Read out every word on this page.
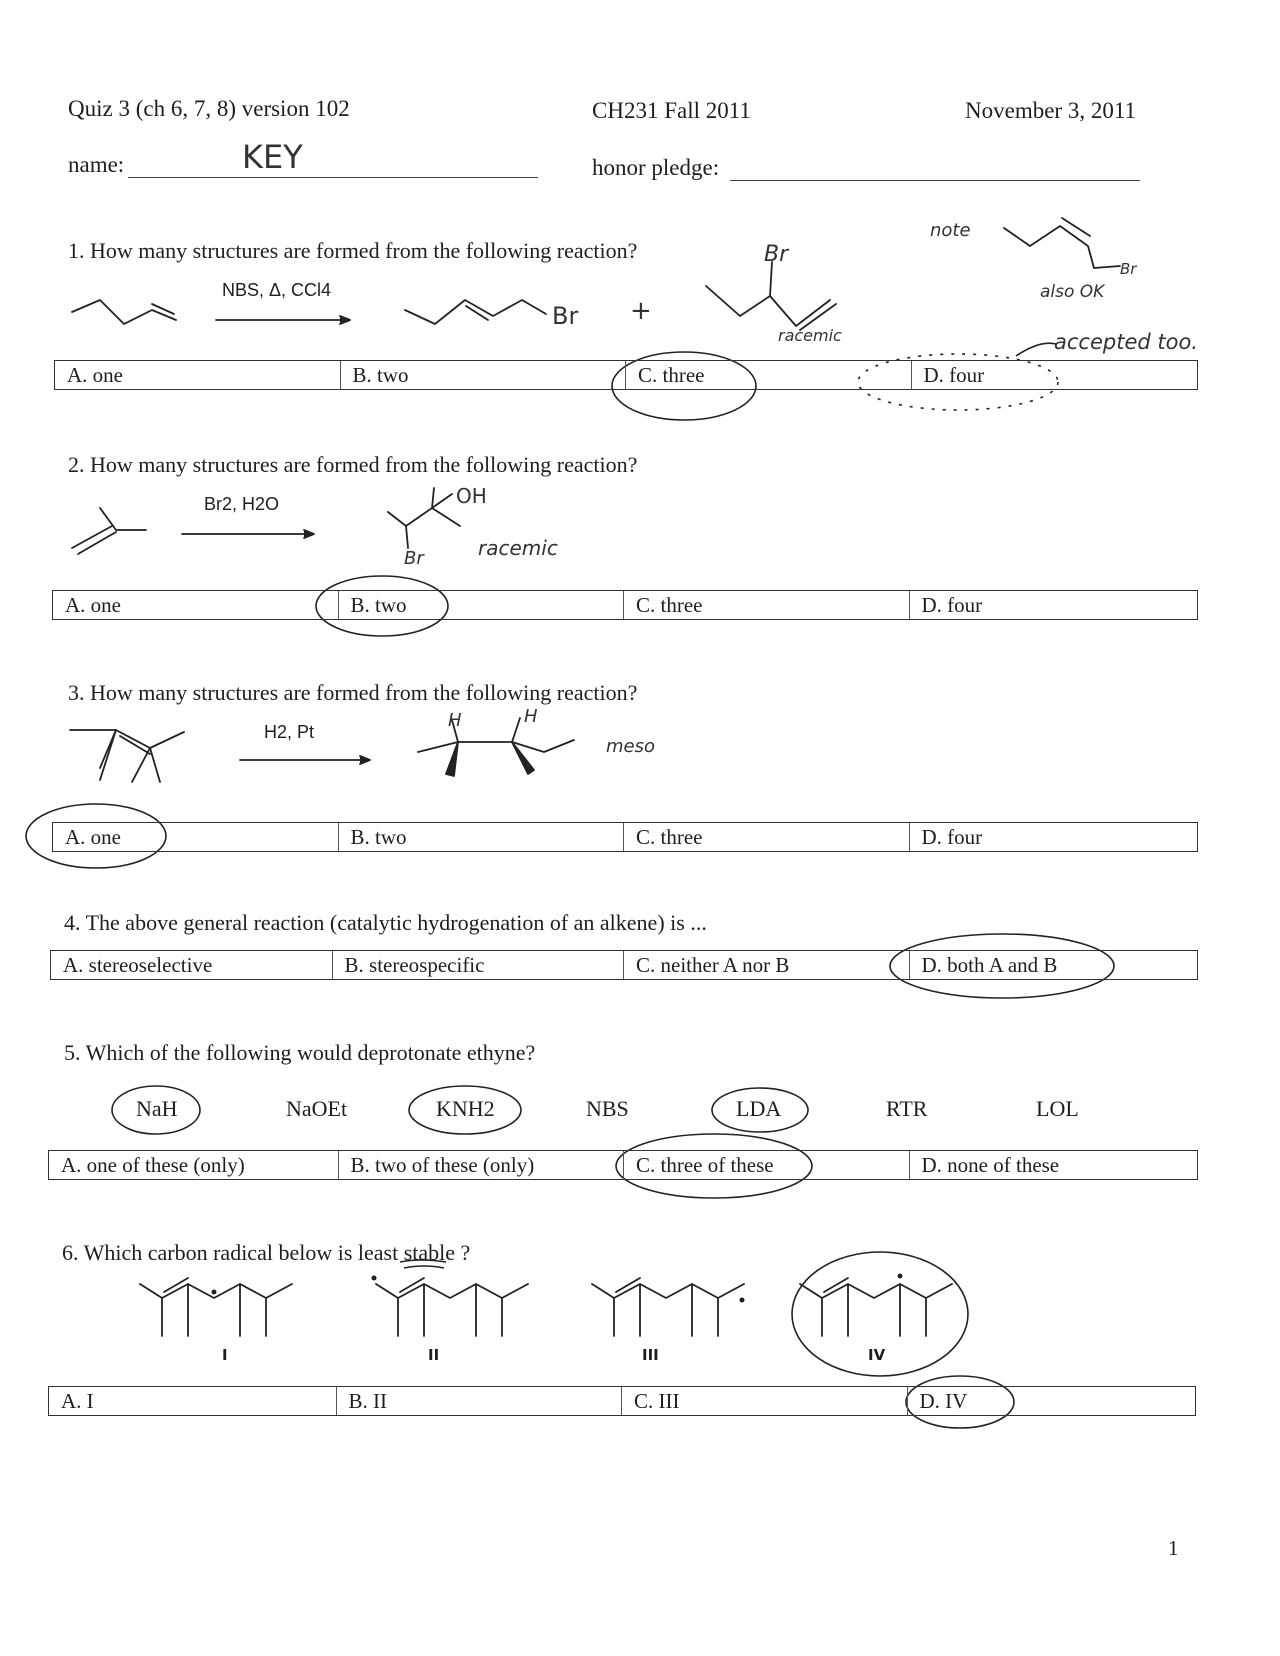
Quiz 3 (ch 6, 7, 8) version 102	CH231 Fall 2011	November 3, 2011
name:	KEY	honor pledge:
1. How many structures are formed from the following reaction?
NBS, Δ, CCl4
Br +
Br
racemic
note
Br
also OK
accepted too.
A. one	B. two	C. three	D. four
2. How many structures are formed from the following reaction?
Br2, H2O	OH
Br	racemic
A. one	B. two	C. three	D. four
3. How many structures are formed from the following reaction?
H2, Pt
H	H
meso
A. one	B. two	C. three	D. four
4. The above general reaction (catalytic hydrogenation of an alkene) is ...
A. stereoselective	B. stereospecific	C. neither A nor B	D. both A and B
5. Which of the following would deprotonate ethyne?
NaH	NaOEt	KNH2	NBS	LDA	RTR	LOL
A. one of these (only)	B. two of these (only)	C. three of these	D. none of these
6. Which carbon radical below is least stable ?
I	II	III	IV
A. I	B. II	C. III	D. IV
1
